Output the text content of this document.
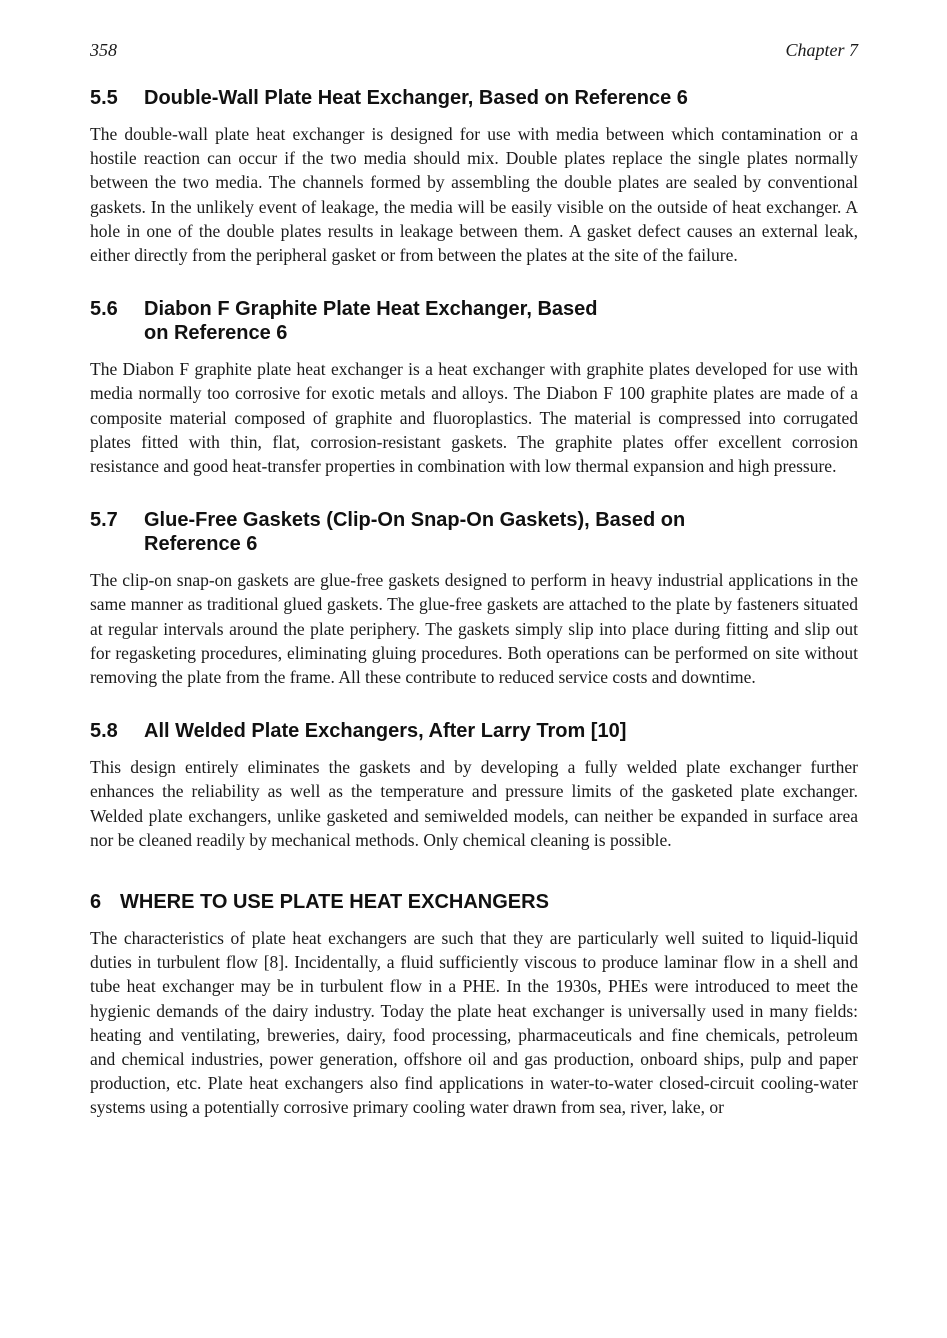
358	Chapter 7
5.5	Double-Wall Plate Heat Exchanger, Based on Reference 6

The double-wall plate heat exchanger is designed for use with media between which contamination or a hostile reaction can occur if the two media should mix. Double plates replace the single plates normally between the two media. The channels formed by assembling the double plates are sealed by conventional gaskets. In the unlikely event of leakage, the media will be easily visible on the outside of heat exchanger. A hole in one of the double plates results in leakage between them. A gasket defect causes an external leak, either directly from the peripheral gasket or from between the plates at the site of the failure.

5.6	Diabon F Graphite Plate Heat Exchanger, Based on Reference 6

The Diabon F graphite plate heat exchanger is a heat exchanger with graphite plates developed for use with media normally too corrosive for exotic metals and alloys. The Diabon F 100 graphite plates are made of a composite material composed of graphite and fluoroplastics. The material is compressed into corrugated plates fitted with thin, flat, corrosion-resistant gaskets. The graphite plates offer excellent corrosion resistance and good heat-transfer properties in combination with low thermal expansion and high pressure.

5.7	Glue-Free Gaskets (Clip-On Snap-On Gaskets), Based on Reference 6

The clip-on snap-on gaskets are glue-free gaskets designed to perform in heavy industrial applications in the same manner as traditional glued gaskets. The glue-free gaskets are attached to the plate by fasteners situated at regular intervals around the plate periphery. The gaskets simply slip into place during fitting and slip out for regasketing procedures, eliminating gluing procedures. Both operations can be performed on site without removing the plate from the frame. All these contribute to reduced service costs and downtime.

5.8	All Welded Plate Exchangers, After Larry Trom [10]

This design entirely eliminates the gaskets and by developing a fully welded plate exchanger further enhances the reliability as well as the temperature and pressure limits of the gasketed plate exchanger. Welded plate exchangers, unlike gasketed and semiwelded models, can neither be expanded in surface area nor be cleaned readily by mechanical methods. Only chemical cleaning is possible.

6 WHERE TO USE PLATE HEAT EXCHANGERS

The characteristics of plate heat exchangers are such that they are particularly well suited to liquid-liquid duties in turbulent flow [8]. Incidentally, a fluid sufficiently viscous to produce laminar flow in a shell and tube heat exchanger may be in turbulent flow in a PHE. In the 1930s, PHEs were introduced to meet the hygienic demands of the dairy industry. Today the plate heat exchanger is universally used in many fields: heating and ventilating, breweries, dairy, food processing, pharmaceuticals and fine chemicals, petroleum and chemical industries, power generation, offshore oil and gas production, onboard ships, pulp and paper production, etc. Plate heat exchangers also find applications in water-to-water closed-circuit cooling-water systems using a potentially corrosive primary cooling water drawn from sea, river, lake, or
